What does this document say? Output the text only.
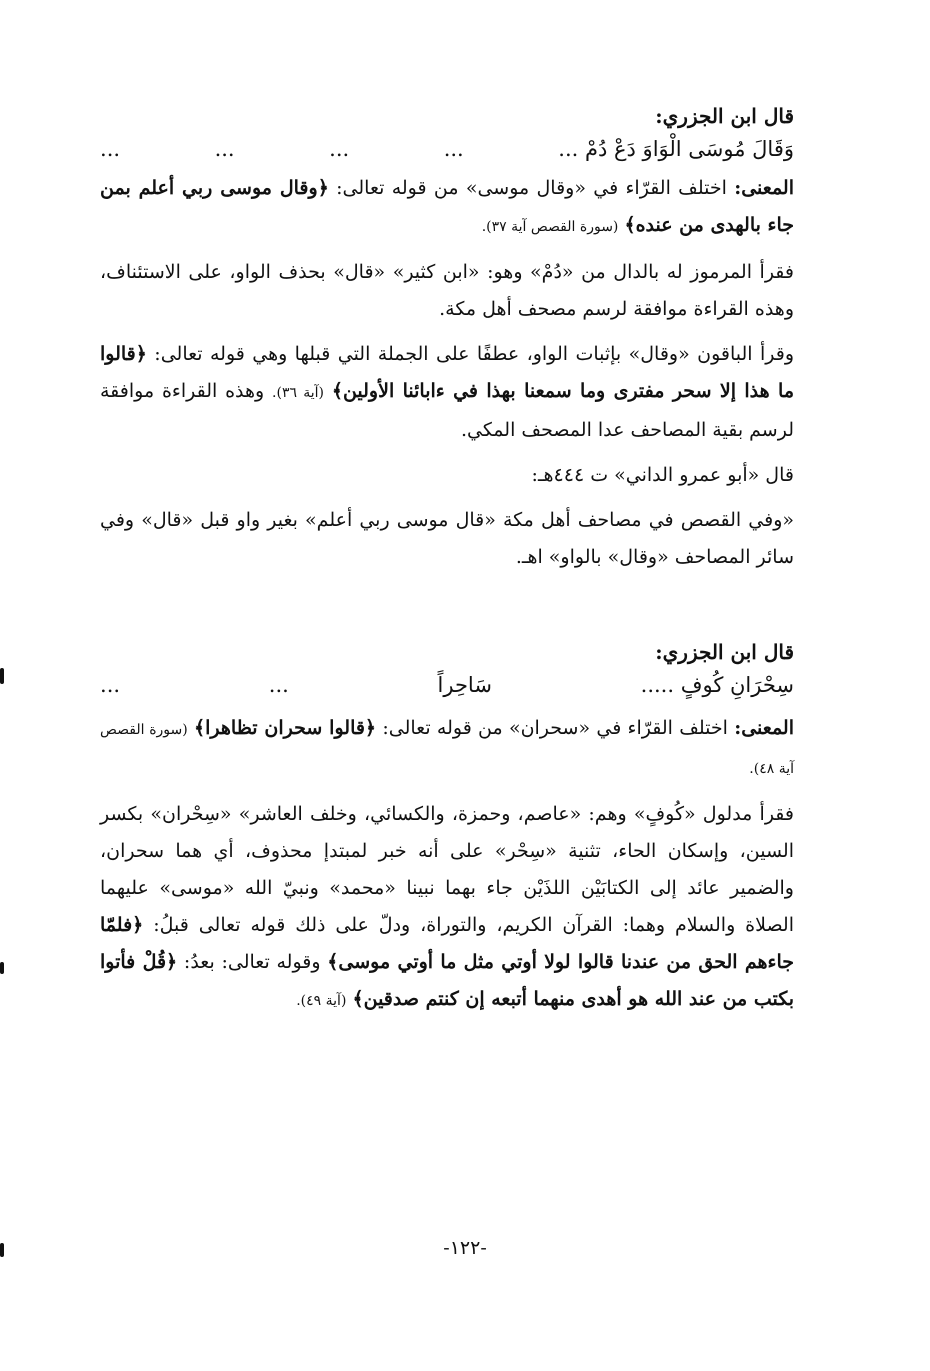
قال ابن الجزري:
وَقَالَ مُوسَى الْوَاوَ دَعْ دُمْ ...
...
...
...
...

المعنى: اختلف القرّاء في «وقال موسى» من قوله تعالى: ﴿وقال موسى ربي أعلم بمن جاء بالهدى من عنده﴾ (سورة القصص آية ٣٧).

فقرأ المرموز له بالدال من «دُمْ» وهو: «ابن كثير» «قال» بحذف الواو، على الاستئناف، وهذه القراءة موافقة لرسم مصحف أهل مكة.

وقرأ الباقون «وقال» بإثبات الواو، عطفًا على الجملة التي قبلها وهي قوله تعالى: ﴿قالوا ما هذا إلا سحر مفترى وما سمعنا بهذا في ءابائنا الأولين﴾ (آية ٣٦). وهذه القراءة موافقة لرسم بقية المصاحف عدا المصحف المكي.

قال «أبو عمرو الداني» ت ٤٤٤هـ:

«وفي القصص في مصاحف أهل مكة «قال موسى ربي أعلم» بغير واو قبل «قال» وفي سائر المصاحف «وقال» بالواو» اهـ.

قال ابن الجزري:
...	...	سَاحِراً	سِحْرَانِ كُوفٍ .....

المعنى: اختلف القرّاء في «سحران» من قوله تعالى: ﴿قالوا سحران تظاهرا﴾ (سورة القصص آية ٤٨).

فقرأ مدلول «كُوفٍ» وهم: «عاصم، وحمزة، والكسائي، وخلف العاشر» «سِحْران» بكسر السين، وإسكان الحاء، تثنية «سِحْر» على أنه خبر لمبتدإ محذوف، أي هما سحران، والضمير عائد إلى الكتابَيْن اللذَيْن جاء بهما نبينا «محمد» ونبيّ الله «موسى» عليهما الصلاة والسلام وهما: القرآن الكريم، والتوراة، ودلّ على ذلك قوله تعالى قبلُ: ﴿فلمّا جاءهم الحق من عندنا قالوا لولا أوتي مثل ما أوتي موسى﴾ وقوله تعالى: بعدُ: ﴿قُلْ فأتوا بكتب من عند الله هو أهدى منهما أتبعه إن كنتم صدقين﴾ (آية ٤٩).

-١٢٢-
